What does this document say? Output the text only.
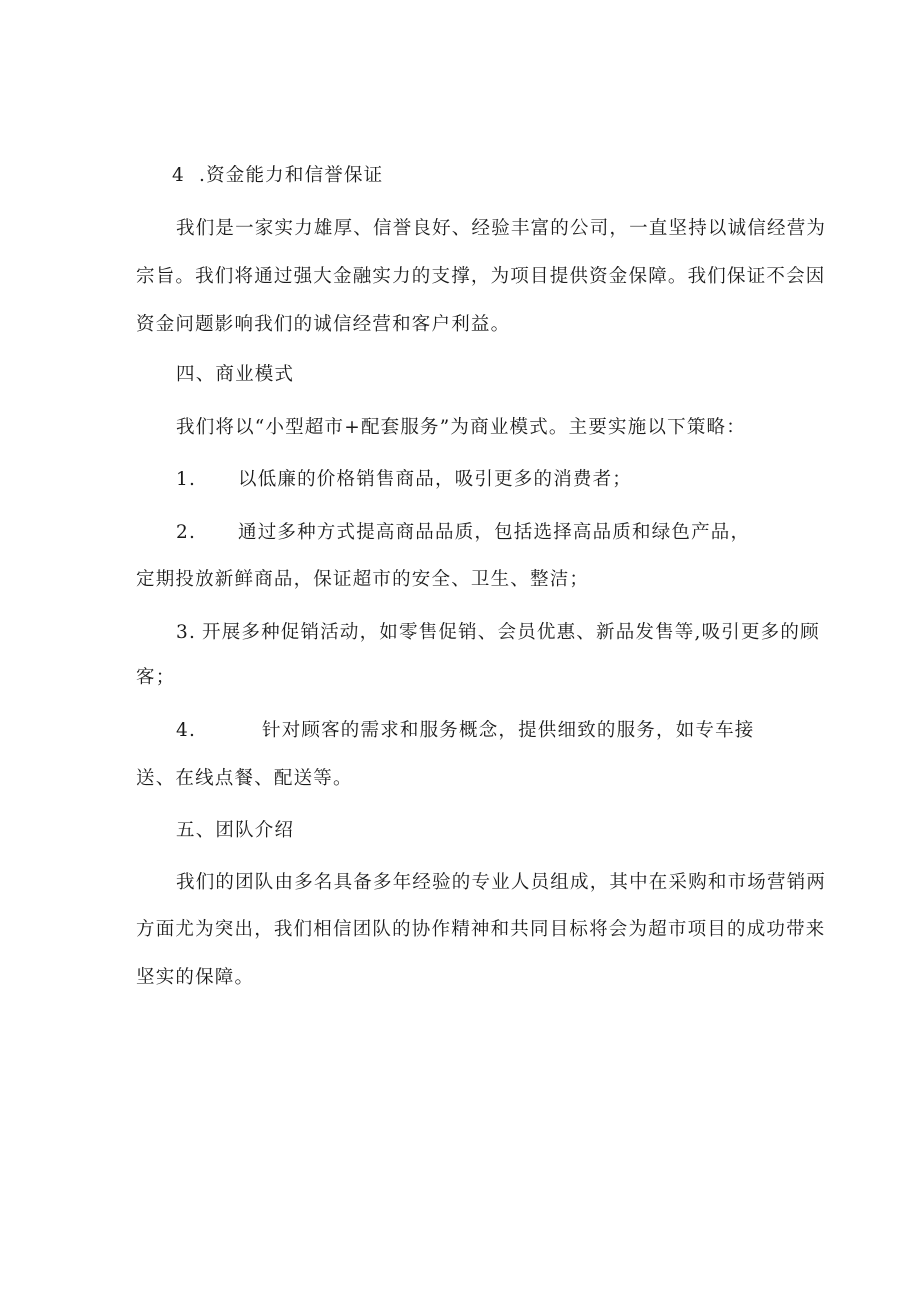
4 .资金能力和信誉保证
我们是一家实力雄厚、信誉良好、经验丰富的公司，一直坚持以诚信经营为
宗旨。我们将通过强大金融实力的支撑，为项目提供资金保障。我们保证不会因
资金问题影响我们的诚信经营和客户利益。
四、商业模式
我们将以“小型超市+配套服务”为商业模式。主要实施以下策略：
1. 以低廉的价格销售商品，吸引更多的消费者；
2. 通过多种方式提高商品品质，包括选择高品质和绿色产品，
定期投放新鲜商品，保证超市的安全、卫生、整洁；
3. 开展多种促销活动，如零售促销、会员优惠、新品发售等,吸引更多的顾
客；
4.	针对顾客的需求和服务概念，提供细致的服务，如专车接
送、在线点餐、配送等。
五、团队介绍
我们的团队由多名具备多年经验的专业人员组成，其中在采购和市场营销两
方面尤为突出，我们相信团队的协作精神和共同目标将会为超市项目的成功带来
坚实的保障。
